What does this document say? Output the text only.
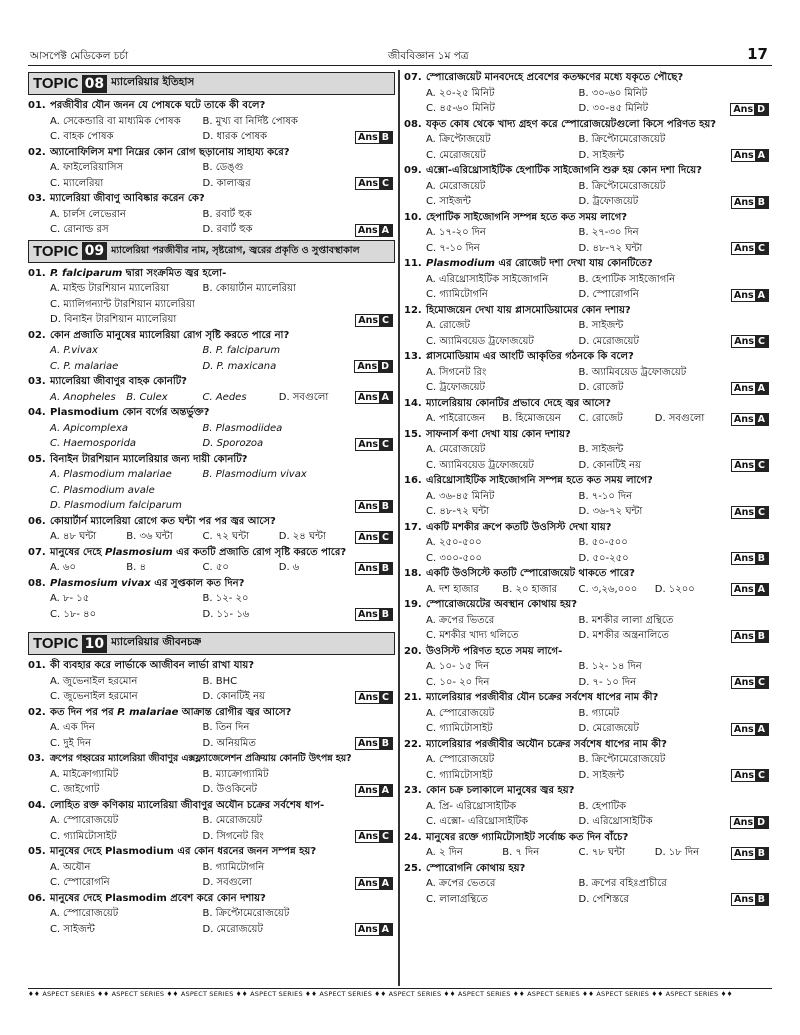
আসপেক্ট মেডিকেল চর্চা	জীববিজ্ঞান ১ম পত্র	17
TOPIC 08 ম্যালেরিয়ার ইতিহাস
01. পরজীবীর যৌন জনন যে পোষকে ঘটে তাকে কী বলে?
A. সেকেন্ডারি বা মাধ্যমিক পোষক	B. মুখ্য বা নির্দিষ্ট পোষক
C. বাহক পোষক	D. ধারক পোষক	Ans B
02. অ্যানোফিলিস মশা নিম্নের কোন রোগ ছড়ানোয় সাহায্য করে?
A. ফাইলেরিয়াসিস	B. ডেঙ্গু
C. ম্যালেরিয়া	D. কালাজ্বর	Ans C
03. ম্যালেরিয়া জীবাণু আবিষ্কার করেন কে?
A. চার্লস লেভেরান	B. রবার্ট হুক
C. রোনাল্ড রস	D. রবার্ট হুক	Ans A
TOPIC 09 ম্যালেরিয়া পরজীবীর নাম, সৃষ্টরোগ, জ্বরের প্রকৃতি ও সুপ্তাবস্থাকাল
01. P. falciparum দ্বারা সংক্রমিত জ্বর হলো-
A. মাইল্ড টারশিয়ান ম্যালেরিয়া	B. কোয়ার্টান ম্যালেরিয়া
C. ম্যালিগন্যান্ট টারশিয়ান ম্যালেরিয়া
D. বিনাইন টারশিয়ান ম্যালেরিয়া	Ans C
02. কোন প্রজাতি মানুষের ম্যালেরিয়া রোগ সৃষ্টি করতে পারে না?
A. P.vivax	B. P. falciparum
C. P. malariae	D. P. maxicana	Ans D
03. ম্যালেরিয়া জীবাণুর বাহক কোনটি?
A. Anopheles	B. Culex	C. Aedes	D. সবগুলো	Ans A
04. Plasmodium কোন বর্গের অন্তর্ভুক্ত?
A. Apicomplexa	B. Plasmodiidea
C. Haemosporida	D. Sporozoa	Ans C
05. বিনাইন টারশিয়ান ম্যালেরিয়ার জন্য দায়ী কোনটি?
A. Plasmodium malariae	B. Plasmodium vivax
C. Plasmodium avale
D. Plasmodium falciparum	Ans B
06. কোয়ার্টার্ন ম্যালেরিয়া রোগে কত ঘন্টা পর পর জ্বর আসে?
A. ৪৮ ঘন্টা	B. ৩৬ ঘন্টা	C. ৭২ ঘন্টা	D. ২৪ ঘন্টা	Ans C
07. মানুষের দেহে Plasmosium এর কতটি প্রজাতি রোগ সৃষ্টি করতে পারে?
A. ৬০	B. ৪	C. ৫০	D. ৬	Ans B
08. Plasmosium vivax এর সুপ্তকাল কত দিন?
A. ৮- ১৫	B. ১২- ২০
C. ১৮- ৪০	D. ১১- ১৬	Ans B
TOPIC 10 ম্যালেরিয়ার জীবনচক্র
01. কী ব্যবহার করে লার্ভাকে আজীবন লার্ভা রাখা যায়?
A. জুভেনাইল হরমোন	B. BHC
C. জুভেনাইল হরমোন	D. কোনটিই নয়	Ans C
02. কত দিন পর পর P. malariae আক্রান্ত রোগীর জ্বর আসে?
A. এক দিন	B. তিন দিন
C. দুই দিন	D. অনিয়মিত	Ans B
03. ক্রপের গহ্বরের ম্যালেরিয়া জীবাণুর এক্সফ্ল্যাজেলেশন প্রক্রিয়ায় কোনটি উৎপন্ন হয়?
A. মাইক্রোগ্যামিট	B. ম্যাক্রোগ্যামিট
C. জাইগোট	D. উওকিনেট	Ans A
04. লোহিত রক্ত কণিকায় ম্যালেরিয়া জীবাণুর অযৌন চক্রের সর্বশেষ ধাপ-
A. স্পোরোজয়েট	B. মেরোজয়েট
C. গ্যামিটোসাইট	D. সিগনেট রিং	Ans C
05. মানুষের দেহে Plasmodium এর কোন ধরনের জনন সম্পন্ন হয়?
A. অযৌন	B. গ্যামিটোগনি
C. স্পোরোগনি	D. সবগুলো	Ans A
06. মানুষের দেহে Plasmodim প্রবেশ করে কোন দশায়?
A. স্পোরোজয়েট	B. ক্রিপ্টোমেরোজয়েট
C. সাইজন্ট	D. মেরোজয়েট	Ans A
07. স্পোরোজয়েট মানবদেহে প্রবেশের কতক্ষণের মধ্যে যকৃতে পৌছে?
A. ২০-২৫ মিনিট	B. ৩০-৬০ মিনিট
C. ৪৫-৬০ মিনিট	D. ৩০-৪৫ মিনিট	Ans D
08. যকৃত কোষ থেকে খাদ্য গ্রহণ করে স্পোরোজয়েটগুলো কিসে পরিণত হয়?
A. ক্রিপ্টোজয়েট	B. ক্রিপ্টোমেরোজয়েট
C. মেরোজয়েট	D. সাইজন্ট	Ans A
09. এক্সো-এরিথ্রোসাইটিক হেপাটিক সাইজোগনি শুরু হয় কোন দশা দিয়ে?
A. মেরোজয়েট	B. ক্রিপ্টোমেরোজয়েট
C. সাইজন্ট	D. ট্রফোজয়েট	Ans B
10. হেপাটিক সাইজোগনি সম্পন্ন হতে কত সময় লাগে?
A. ১৭-২০ দিন	B. ২৭-৩০ দিন
C. ৭-১০ দিন	D. ৪৮-৭২ ঘন্টা	Ans C
11. Plasmodium এর রোজেট দশা দেখা যায় কোনটিতে?
A. এরিথ্রোসাইটিক সাইজোগনি	B. হেপাটিক সাইজোগনি
C. গ্যামিটোগনি	D. স্পোরোগনি	Ans A
12. হিমোজয়েন দেখা যায় প্লাসমোডিয়ামের কোন দশায়?
A. রোজেট	B. সাইজন্ট
C. অ্যামিবয়েড ট্রফোজয়েট	D. মেরোজয়েট	Ans C
13. প্লাসমোডিয়াম এর আংটি আকৃতির গঠনকে কি বলে?
A. সিগনেট রিং	B. অ্যামিবয়েড ট্রফোজয়েট
C. ট্রফোজয়েট	D. রোজেট	Ans A
14. ম্যালেরিয়ায় কোনটির প্রভাবে দেহে জ্বর আসে?
A. পাইরোজেন	B. হিমোজয়েন	C. রোজেট	D. সবগুলো	Ans A
15. সাফনার্স কণা দেখা যায় কোন দশায়?
A. মেরোজয়েট	B. সাইজন্ট
C. অ্যামিবয়েড ট্রফোজয়েট	D. কোনটিই নয়	Ans C
16. এরিথ্রোসাইটিক সাইজোগনি সম্পন্ন হতে কত সময় লাগে?
A. ৩৬-৪৫ মিনিট	B. ৭-১০ দিন
C. ৪৮-৭২ ঘন্টা	D. ৩৬-৭২ ঘন্টা	Ans C
17. একটি মশকীর ক্রপে কতটি উওসিস্ট দেখা যায়?
A. ২৫০-৫০০	B. ৫০-৫০০
C. ৩০০-৫০০	D. ৫০-২৫০	Ans B
18. একটি উওসিস্টে কতটি স্পোরোজয়েট থাকতে পারে?
A. দশ হাজার	B. ২০ হাজার	C. ৩,২৬,০০০	D. ১২০০	Ans A
19. স্পোরোজয়েটের অবস্থান কোথায় হয়?
A. ক্রপের ভিতরে	B. মশকীর লালা গ্রন্থিতে
C. মশকীর খাদ্য থলিতে	D. মশকীর অন্ত্রনালিতে	Ans B
20. উওসিস্ট পরিণত হতে সময় লাগে-
A. ১০- ১৫ দিন	B. ১২- ১৪ দিন
C. ১০- ২০ দিন	D. ৭- ১০ দিন	Ans C
21. ম্যালেরিয়ার পরজীবীর যৌন চক্রের সর্বশেষ ধাপের নাম কী?
A. স্পোরোজয়েট	B. গ্যামেট
C. গ্যামিটোসাইট	D. মেরোজয়েট	Ans A
22. ম্যালেরিয়ার পরজীবীর অযৌন চক্রের সর্বশেষ ধাপের নাম কী?
A. স্পোরোজয়েট	B. ক্রিপ্টোমেরোজয়েট
C. গ্যামিটোসাইট	D. সাইজন্ট	Ans C
23. কোন চক্র চলাকালে মানুষের জ্বর হয়?
A. প্রি- এরিথ্রোসাইটিক	B. হেপাটিক
C. এক্সো- এরিথ্রোসাইটিক	D. এরিথ্রোসাইটিক	Ans D
24. মানুষের রক্তে গ্যামিটোসাইট সর্বোচ্চ কত দিন বাঁচে?
A. ২ দিন	B. ৭ দিন	C. ৭৮ ঘন্টা	D. ১৮ দিন	Ans B
25. স্পোরোগনি কোথায় হয়?
A. ক্রপের ভেতরে	B. ক্রপের বহিঃপ্রাচীরে
C. লালাগ্রন্থিতে	D. পেশিস্তরে	Ans B
♦♦ ASPECT SERIES ♦♦ ASPECT SERIES ♦♦ ASPECT SERIES ♦♦ ASPECT SERIES ♦♦ ASPECT SERIES ♦♦ ASPECT SERIES ♦♦ ASPECT SERIES ♦♦ ASPECT SERIES ♦♦ ASPECT SERIES ♦♦ ASPECT SERIES ♦♦
